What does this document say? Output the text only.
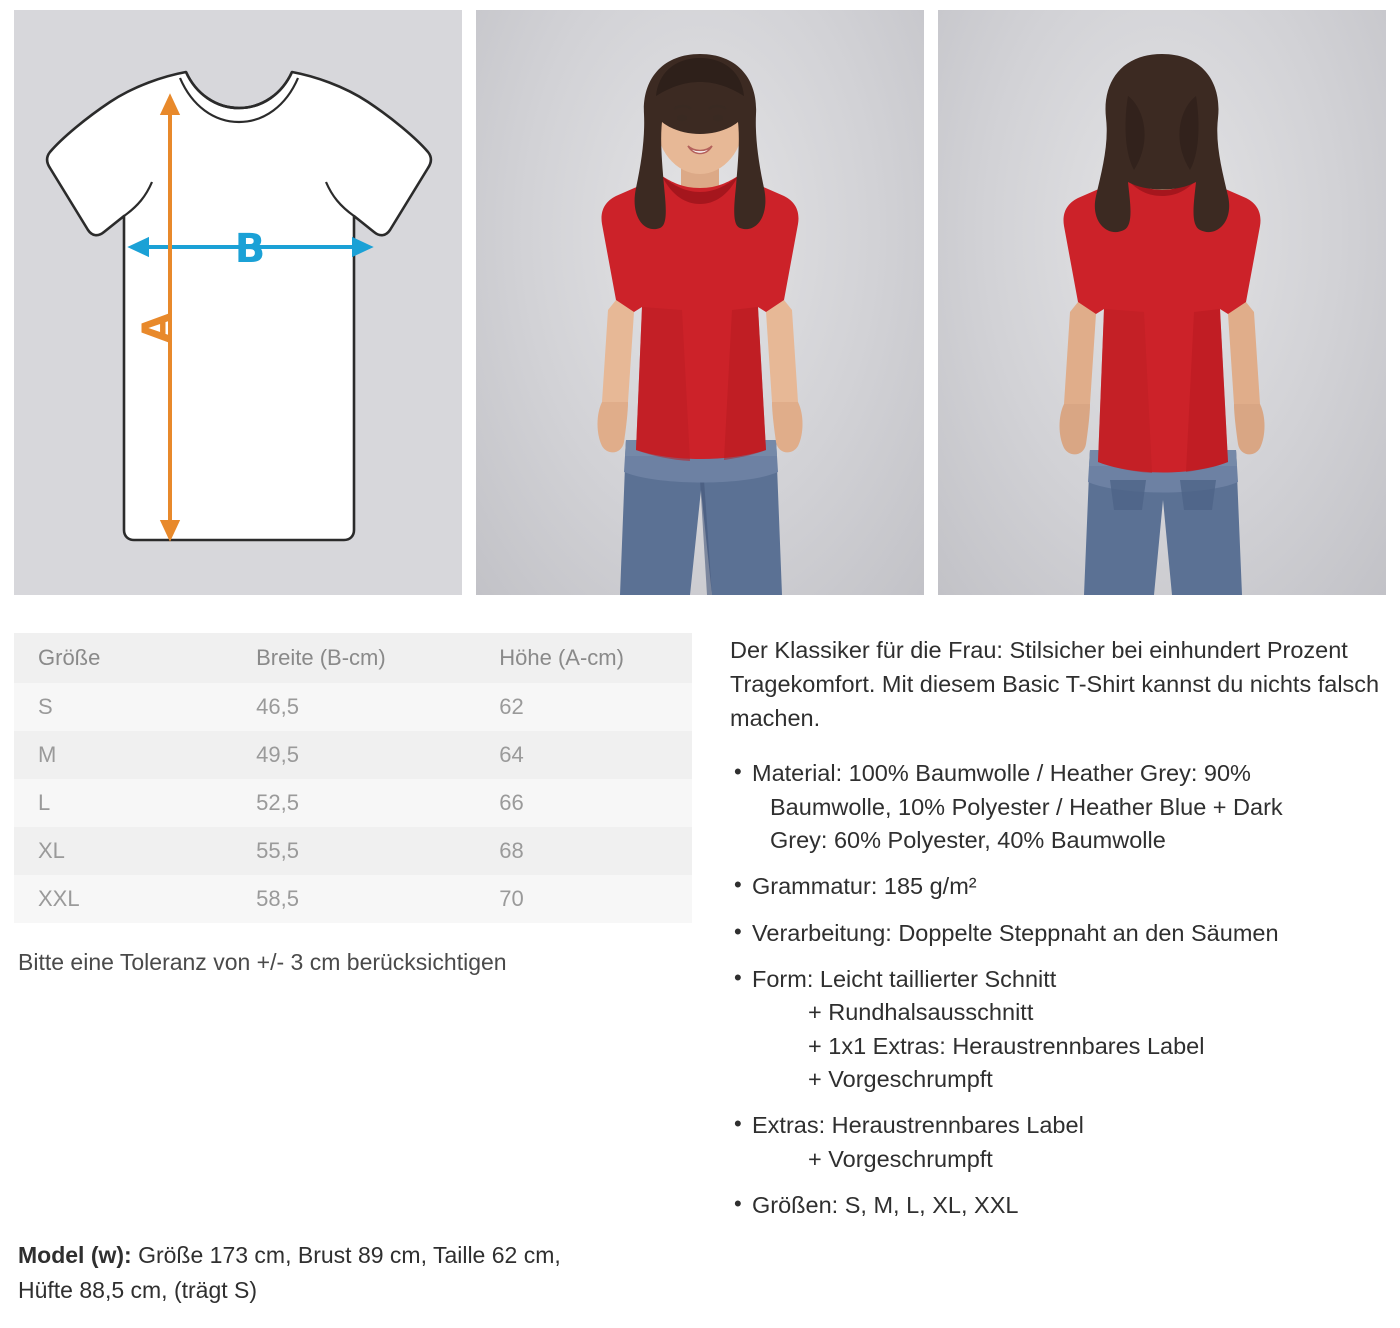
B
A
Größe	Breite (B-cm)	Höhe (A-cm)
S	46,5	62
M	49,5	64
L	52,5	66
XL	55,5	68
XXL	58,5	70
Bitte eine Toleranz von +/- 3 cm berücksichtigen

Der Klassiker für die Frau: Stilsicher bei einhundert Prozent Tragekomfort. Mit diesem Basic T-Shirt kannst du nichts falsch machen.

• Material: 100% Baumwolle / Heather Grey: 90%
Baumwolle, 10% Polyester / Heather Blue + Dark
Grey: 60% Polyester, 40% Baumwolle
• Grammatur: 185 g/m²
• Verarbeitung: Doppelte Steppnaht an den Säumen
• Form: Leicht taillierter Schnitt
+ Rundhalsausschnitt
+ 1x1 Extras: Heraustrennbares Label
+ Vorgeschrumpft
• Extras: Heraustrennbares Label
+ Vorgeschrumpft
• Größen: S, M, L, XL, XXL
Model (w): Größe 173 cm, Brust 89 cm, Taille 62 cm,
Hüfte 88,5 cm, (trägt S)
